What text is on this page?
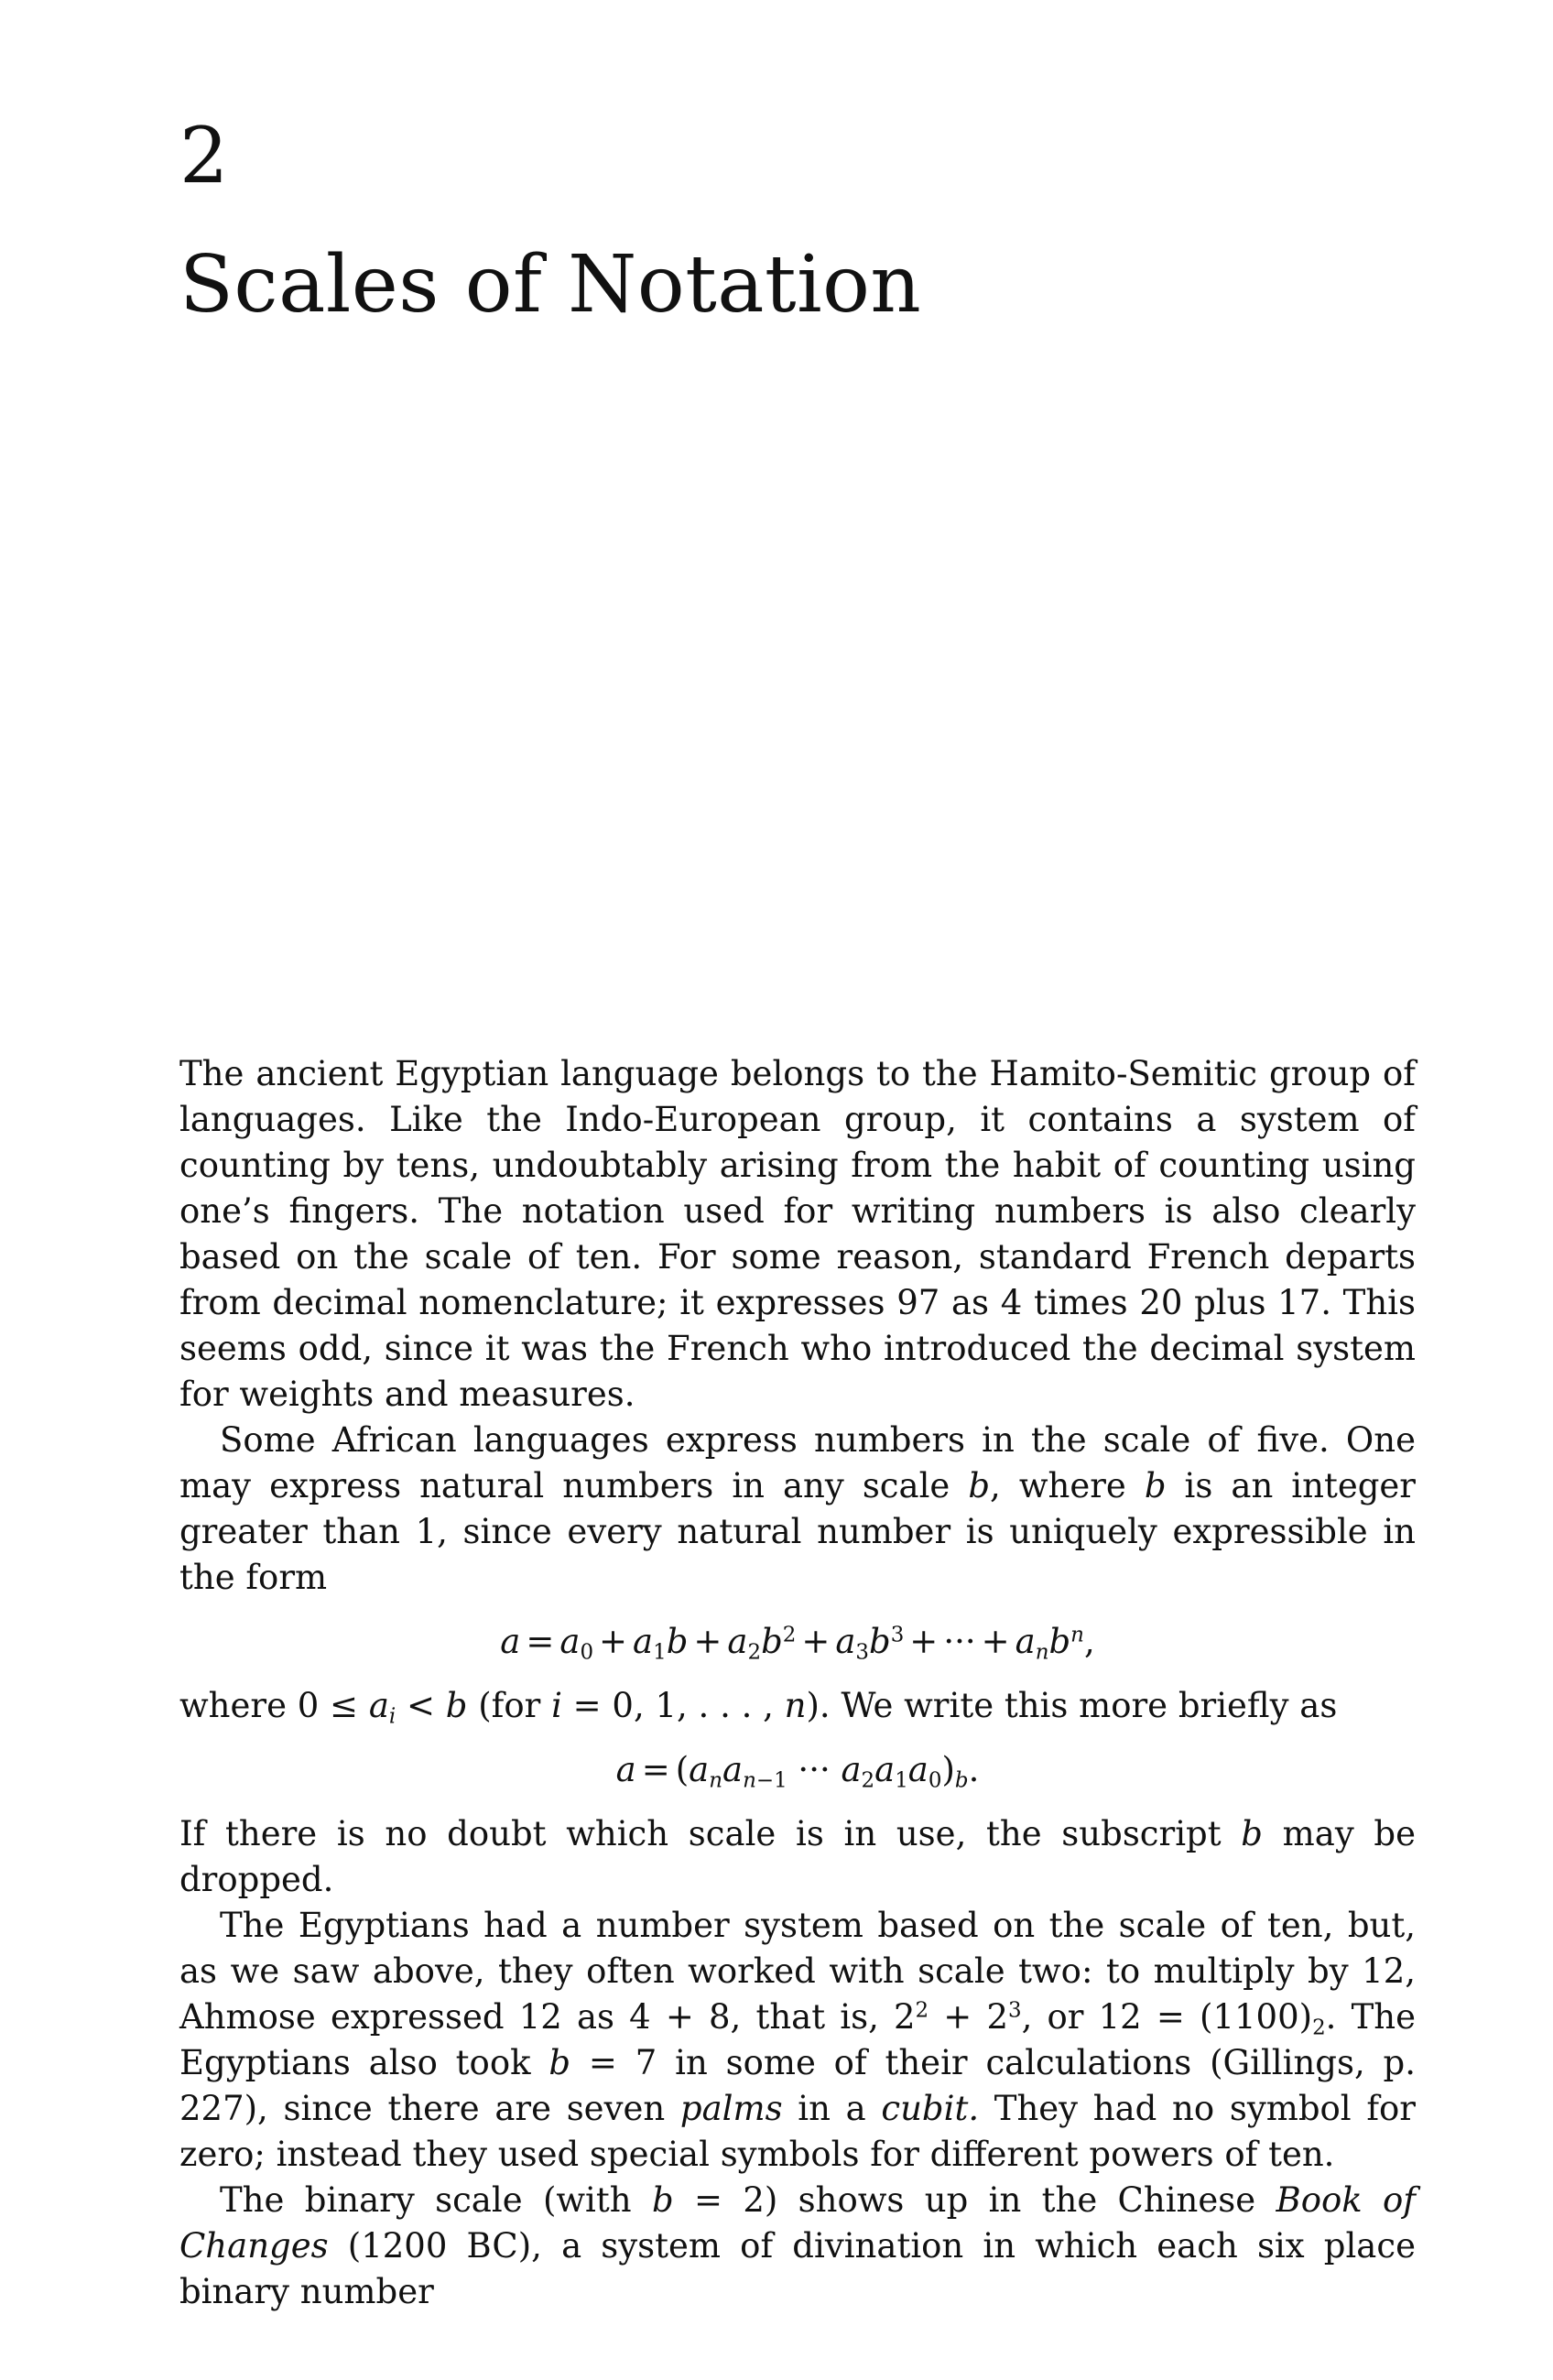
2
Scales of Notation

The ancient Egyptian language belongs to the Hamito-Semitic group of languages. Like the Indo-European group, it contains a system of counting by tens, undoubtably arising from the habit of counting using one’s fingers. The notation used for writing numbers is also clearly based on the scale of ten. For some reason, standard French departs from decimal nomenclature; it expresses 97 as 4 times 20 plus 17. This seems odd, since it was the French who introduced the decimal system for weights and measures.

Some African languages express numbers in the scale of five. One may express natural numbers in any scale b, where b is an integer greater than 1, since every natural number is uniquely expressible in the form

$a = a_0 + a_1b + a_2b^2 + a_3b^3$ + ··· + $a_nb^n$,

where $0 \le a_i < b$ (for i = 0, 1, . . . , n). We write this more briefly as

$a = (a_na_{n-1}$ ··· $a_2a_1a_0)_b$.

If there is no doubt which scale is in use, the subscript b may be dropped.

The Egyptians had a number system based on the scale of ten, but, as we saw above, they often worked with scale two: to multiply by 12, Ahmose expressed 12 as 4 + 8, that is, $2^2 + 2^3$, or $12 = (1100)_2$. The Egyptians also took b = 7 in some of their calculations (Gillings, p. 227), since there are seven palms in a cubit. They had no symbol for zero; instead they used special symbols for different powers of ten.

The binary scale (with b = 2) shows up in the Chinese Book of Changes (1200 BC), a system of divination in which each six place binary number
